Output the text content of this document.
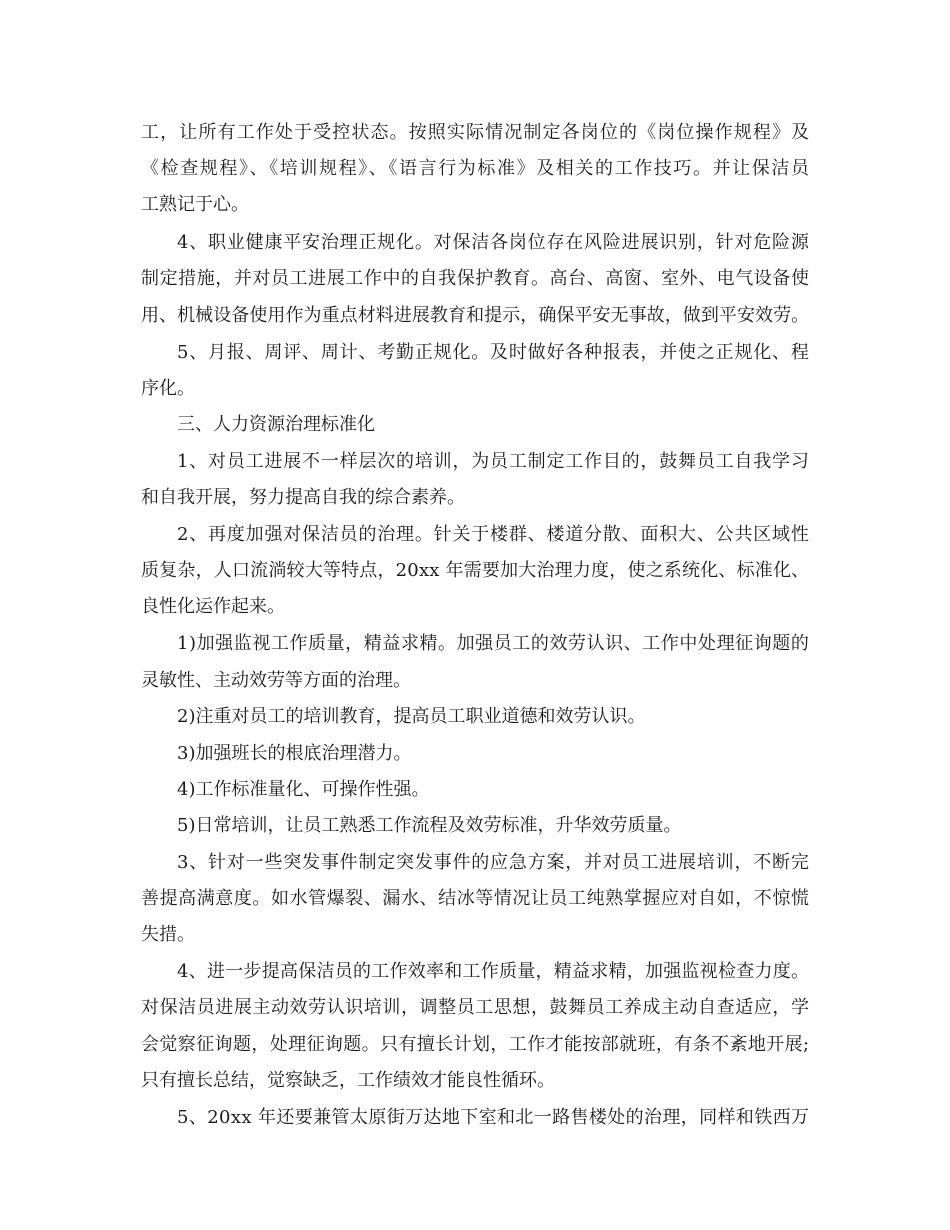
工，让所有工作处于受控状态。按照实际情况制定各岗位的《岗位操作规程》及
《检查规程》、《培训规程》、《语言行为标准》及相关的工作技巧。并让保洁员
工熟记于心。
4、职业健康平安治理正规化。对保洁各岗位存在风险进展识别，针对危险源
制定措施，并对员工进展工作中的自我保护教育。高台、高窗、室外、电气设备使
用、机械设备使用作为重点材料进展教育和提示，确保平安无事故，做到平安效劳。
5、月报、周评、周计、考勤正规化。及时做好各种报表，并使之正规化、程
序化。
三、人力资源治理标准化
1、对员工进展不一样层次的培训，为员工制定工作目的，鼓舞员工自我学习
和自我开展，努力提高自我的综合素养。
2、再度加强对保洁员的治理。针关于楼群、楼道分散、面积大、公共区域性
质复杂，人口流淌较大等特点，20xx 年需要加大治理力度，使之系统化、标准化、
良性化运作起来。
1)加强监视工作质量，精益求精。加强员工的效劳认识、工作中处理征询题的
灵敏性、主动效劳等方面的治理。
2)注重对员工的培训教育，提高员工职业道德和效劳认识。
3)加强班长的根底治理潜力。
4)工作标准量化、可操作性强。
5)日常培训，让员工熟悉工作流程及效劳标准，升华效劳质量。
3、针对一些突发事件制定突发事件的应急方案，并对员工进展培训，不断完
善提高满意度。如水管爆裂、漏水、结冰等情况让员工纯熟掌握应对自如，不惊慌
失措。
4、进一步提高保洁员的工作效率和工作质量，精益求精，加强监视检查力度。
对保洁员进展主动效劳认识培训，调整员工思想，鼓舞员工养成主动自查适应，学
会觉察征询题，处理征询题。只有擅长计划，工作才能按部就班，有条不紊地开展;
只有擅长总结，觉察缺乏，工作绩效才能良性循环。
5、20xx 年还要兼管太原街万达地下室和北一路售楼处的治理，同样和铁西万
